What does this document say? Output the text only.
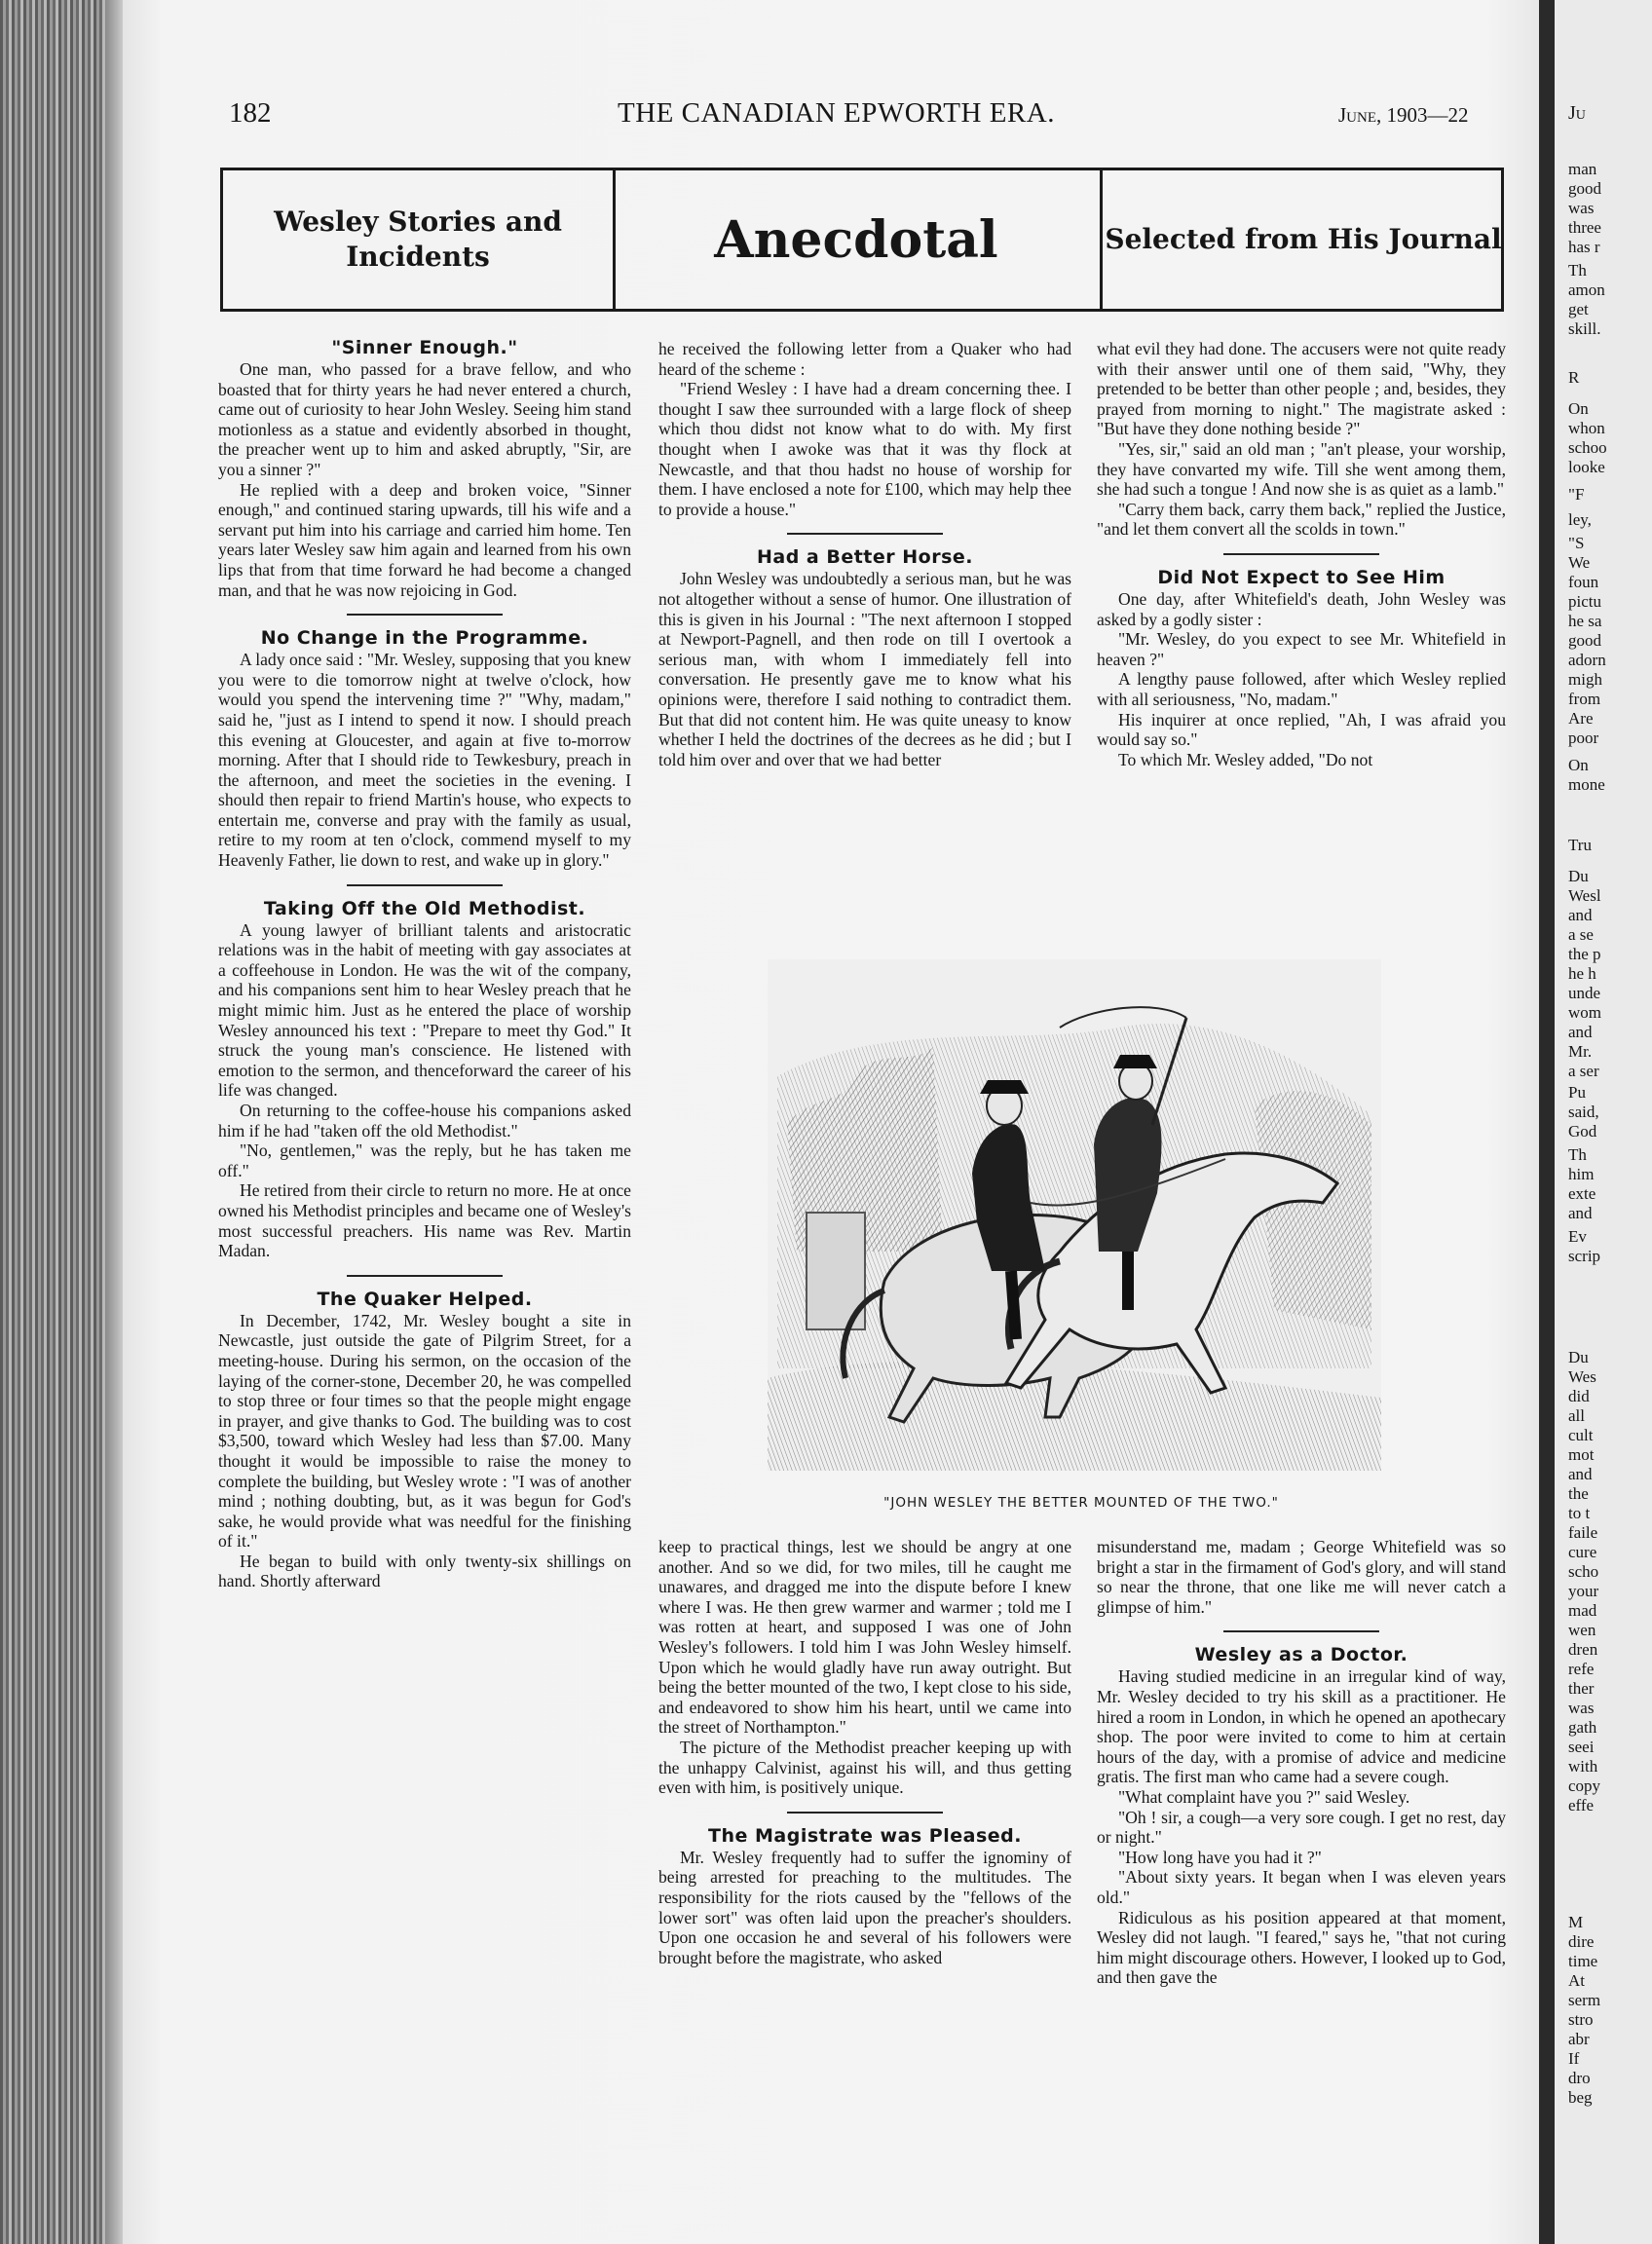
182	THE CANADIAN EPWORTH ERA.	June, 1903—22
Wesley Stories and Incidents	Anecdotal	Selected from His Journal
"Sinner Enough."

One man, who passed for a brave fellow, and who boasted that for thirty years he had never entered a church, came out of curiosity to hear John Wesley. Seeing him stand motionless as a statue and evidently absorbed in thought, the preacher went up to him and asked abruptly, "Sir, are you a sinner ?"

He replied with a deep and broken voice, "Sinner enough," and continued staring upwards, till his wife and a servant put him into his carriage and carried him home. Ten years later Wesley saw him again and learned from his own lips that from that time forward he had become a changed man, and that he was now rejoicing in God.

No Change in the Programme.

A lady once said : "Mr. Wesley, supposing that you knew you were to die tomorrow night at twelve o'clock, how would you spend the intervening time ?" "Why, madam," said he, "just as I intend to spend it now. I should preach this evening at Gloucester, and again at five to-morrow morning. After that I should ride to Tewkesbury, preach in the afternoon, and meet the societies in the evening. I should then repair to friend Martin's house, who expects to entertain me, converse and pray with the family as usual, retire to my room at ten o'clock, commend myself to my Heavenly Father, lie down to rest, and wake up in glory."

Taking Off the Old Methodist.

A young lawyer of brilliant talents and aristocratic relations was in the habit of meeting with gay associates at a coffeehouse in London. He was the wit of the company, and his companions sent him to hear Wesley preach that he might mimic him. Just as he entered the place of worship Wesley announced his text : "Prepare to meet thy God." It struck the young man's conscience. He listened with emotion to the sermon, and thenceforward the career of his life was changed.

On returning to the coffee-house his companions asked him if he had "taken off the old Methodist."

"No, gentlemen," was the reply, but he has taken me off."

He retired from their circle to return no more. He at once owned his Methodist principles and became one of Wesley's most successful preachers. His name was Rev. Martin Madan.

The Quaker Helped.

In December, 1742, Mr. Wesley bought a site in Newcastle, just outside the gate of Pilgrim Street, for a meeting-house. During his sermon, on the occasion of the laying of the corner-stone, December 20, he was compelled to stop three or four times so that the people might engage in prayer, and give thanks to God. The building was to cost $3,500, toward which Wesley had less than $7.00. Many thought it would be impossible to raise the money to complete the building, but Wesley wrote : "I was of another mind ; nothing doubting, but, as it was begun for God's sake, he would provide what was needful for the finishing of it."

He began to build with only twenty-six shillings on hand. Shortly afterward

he received the following letter from a Quaker who had heard of the scheme :

"Friend Wesley : I have had a dream concerning thee. I thought I saw thee surrounded with a large flock of sheep which thou didst not know what to do with. My first thought when I awoke was that it was thy flock at Newcastle, and that thou hadst no house of worship for them. I have enclosed a note for £100, which may help thee to provide a house."

Had a Better Horse.

John Wesley was undoubtedly a serious man, but he was not altogether without a sense of humor. One illustration of this is given in his Journal : "The next afternoon I stopped at Newport-Pagnell, and then rode on till I overtook a serious man, with whom I immediately fell into conversation. He presently gave me to know what his opinions were, therefore I said nothing to contradict them. But that did not content him. He was quite uneasy to know whether I held the doctrines of the decrees as he did ; but I told him over and over that we had better

what evil they had done. The accusers were not quite ready with their answer until one of them said, "Why, they pretended to be better than other people ; and, besides, they prayed from morning to night." The magistrate asked : "But have they done nothing beside ?"

"Yes, sir," said an old man ; "an't please, your worship, they have convarted my wife. Till she went among them, she had such a tongue ! And now she is as quiet as a lamb."

"Carry them back, carry them back," replied the Justice, "and let them convert all the scolds in town."

Did Not Expect to See Him

One day, after Whitefield's death, John Wesley was asked by a godly sister :

"Mr. Wesley, do you expect to see Mr. Whitefield in heaven ?"

A lengthy pause followed, after which Wesley replied with all seriousness, "No, madam."

His inquirer at once replied, "Ah, I was afraid you would say so."

To which Mr. Wesley added, "Do not

"JOHN WESLEY THE BETTER MOUNTED OF THE TWO."

keep to practical things, lest we should be angry at one another. And so we did, for two miles, till he caught me unawares, and dragged me into the dispute before I knew where I was. He then grew warmer and warmer ; told me I was rotten at heart, and supposed I was one of John Wesley's followers. I told him I was John Wesley himself. Upon which he would gladly have run away outright. But being the better mounted of the two, I kept close to his side, and endeavored to show him his heart, until we came into the street of Northampton."

The picture of the Methodist preacher keeping up with the unhappy Calvinist, against his will, and thus getting even with him, is positively unique.

The Magistrate was Pleased.

Mr. Wesley frequently had to suffer the ignominy of being arrested for preaching to the multitudes. The responsibility for the riots caused by the "fellows of the lower sort" was often laid upon the preacher's shoulders. Upon one occasion he and several of his followers were brought before the magistrate, who asked

misunderstand me, madam ; George Whitefield was so bright a star in the firmament of God's glory, and will stand so near the throne, that one like me will never catch a glimpse of him."

Wesley as a Doctor.

Having studied medicine in an irregular kind of way, Mr. Wesley decided to try his skill as a practitioner. He hired a room in London, in which he opened an apothecary shop. The poor were invited to come to him at certain hours of the day, with a promise of advice and medicine gratis. The first man who came had a severe cough.

"What complaint have you ?" said Wesley.

"Oh ! sir, a cough—a very sore cough. I get no rest, day or night."

"How long have you had it ?"

"About sixty years. It began when I was eleven years old."

Ridiculous as his position appeared at that moment, Wesley did not laugh. "I feared," says he, "that not curing him might discourage others. However, I looked up to God, and then gave the

Ju
man
good
was
three
has r
Th
amon
get
skill.
R
On
whon
schoo
looke
"F
ley,
"S
We
foun
pictu
he sa
good
adorn
migh
from
Are
poor
On
mone
Tru
Du
Wesl
and
a se
the p
he h
unde
wom
and
Mr.
a ser
Pu
said,
God
Th
him
exte
and
Ev
scrip
Du
Wes
did
all
cult
mot
and
the
to t
faile
cure
scho
your
mad
wen
dren
refe
ther
was
gath
seei
with
copy
effe
M
dire
time
At
serm
stro
abr
If
dro
beg
